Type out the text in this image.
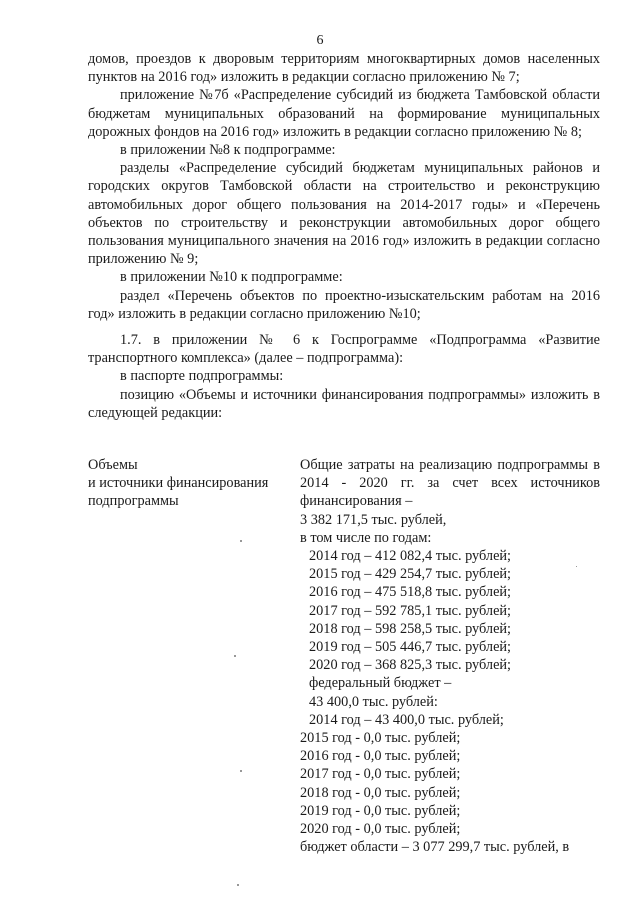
6

домов, проездов к дворовым территориям многоквартирных домов населенных пунктов на 2016 год» изложить в редакции согласно приложению № 7;

приложение №7б «Распределение субсидий из бюджета Тамбовской области бюджетам муниципальных образований на формирование муниципальных дорожных фондов на 2016 год» изложить в редакции согласно приложению № 8;

в приложении №8 к подпрограмме:

разделы «Распределение субсидий бюджетам муниципальных районов и городских округов Тамбовской области на строительство и реконструкцию автомобильных дорог общего пользования на 2014-2017 годы» и «Перечень объектов по строительству и реконструкции автомобильных дорог общего пользования муниципального значения на 2016 год» изложить в редакции согласно приложению № 9;

в приложении №10 к подпрограмме:

раздел «Перечень объектов по проектно-изыскательским работам на 2016 год» изложить в редакции согласно приложению №10;

1.7. в приложении № 6 к Госпрограмме «Подпрограмма «Развитие транспортного комплекса» (далее – подпрограмма):

в паспорте подпрограммы:

позицию «Объемы и источники финансирования подпрограммы» изложить в следующей редакции:

Объемы
и источники финансирования
подпрограммы
Общие затраты на реализацию подпрограммы в 2014 - 2020 гг. за счет всех источников финансирования –
3 382 171,5 тыс. рублей,
в том числе по годам:
2014 год – 412 082,4 тыс. рублей;
2015 год – 429 254,7 тыс. рублей;
2016 год – 475 518,8 тыс. рублей;
2017 год – 592 785,1 тыс. рублей;
2018 год – 598 258,5 тыс. рублей;
2019 год – 505 446,7 тыс. рублей;
2020 год – 368 825,3 тыс. рублей;
федеральный бюджет –
43 400,0 тыс. рублей:
2014 год – 43 400,0 тыс. рублей;
2015 год - 0,0 тыс. рублей;
2016 год - 0,0 тыс. рублей;
2017 год - 0,0 тыс. рублей;
2018 год - 0,0 тыс. рублей;
2019 год - 0,0 тыс. рублей;
2020 год - 0,0 тыс. рублей;
бюджет области – 3 077 299,7 тыс. рублей, в
